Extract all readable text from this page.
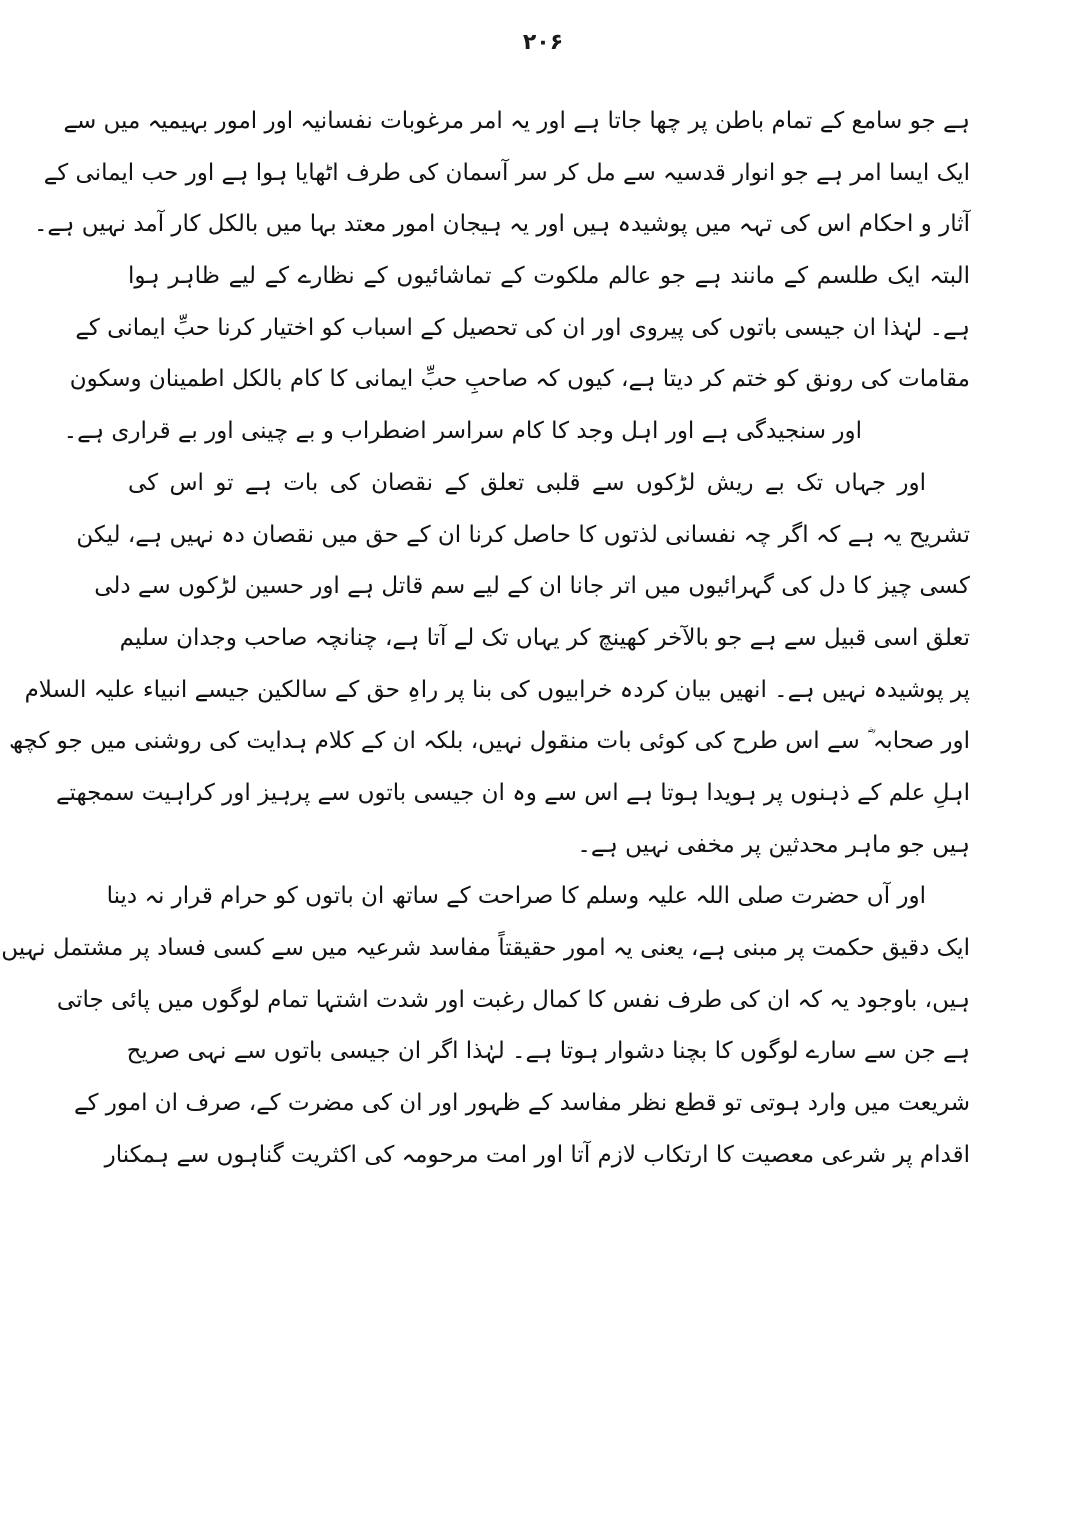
۲۰۶
ہے جو سامع کے تمام باطن پر چھا جاتا ہے اور یہ امر مرغوبات نفسانیہ اور امور بہیمیہ میں سے
ایک ایسا امر ہے جو انوار قدسیہ سے مل کر سر آسمان کی طرف اٹھایا ہوا ہے اور حب ایمانی کے
آثار و احکام اس کی تہہ میں پوشیدہ ہیں اور یہ ہیجان امور معتد بہا میں بالکل کار آمد نہیں ہے۔
البتہ ایک طلسم کے مانند ہے جو عالم ملکوت کے تماشائیوں کے نظارے کے لیے ظاہر ہوا
ہے۔ لہٰذا ان جیسی باتوں کی پیروی اور ان کی تحصیل کے اسباب کو اختیار کرنا حبِّ ایمانی کے
مقامات کی رونق کو ختم کر دیتا ہے، کیوں کہ صاحبِ حبِّ ایمانی کا کام بالکل اطمینان وسکون
اور سنجیدگی ہے اور اہل وجد کا کام سراسر اضطراب و بے چینی اور بے قراری ہے۔
اور جہاں تک بے ریش لڑکوں سے قلبی تعلق کے نقصان کی بات ہے تو اس کی
تشریح یہ ہے کہ اگر چہ نفسانی لذتوں کا حاصل کرنا ان کے حق میں نقصان دہ نہیں ہے، لیکن
کسی چیز کا دل کی گہرائیوں میں اتر جانا ان کے لیے سم قاتل ہے اور حسین لڑکوں سے دلی
تعلق اسی قبیل سے ہے جو بالآخر کھینچ کر یہاں تک لے آتا ہے، چنانچہ صاحب وجدان سلیم
پر پوشیدہ نہیں ہے۔ انھیں بیان کردہ خرابیوں کی بنا پر راہِ حق کے سالکین جیسے انبیاء علیہ السلام
اور صحابہ ؓ سے اس طرح کی کوئی بات منقول نہیں، بلکہ ان کے کلام ہدایت کی روشنی میں جو کچھ
اہلِ علم کے ذہنوں پر ہویدا ہوتا ہے اس سے وہ ان جیسی باتوں سے پرہیز اور کراہیت سمجھتے
ہیں جو ماہر محدثین پر مخفی نہیں ہے۔
اور آں حضرت صلی اللہ علیہ وسلم کا صراحت کے ساتھ ان باتوں کو حرام قرار نہ دینا
ایک دقیق حکمت پر مبنی ہے، یعنی یہ امور حقیقتاً مفاسد شرعیہ میں سے کسی فساد پر مشتمل نہیں
ہیں، باوجود یہ کہ ان کی طرف نفس کا کمال رغبت اور شدت اشتہا تمام لوگوں میں پائی جاتی
ہے جن سے سارے لوگوں کا بچنا دشوار ہوتا ہے۔ لہٰذا اگر ان جیسی باتوں سے نہی صریح
شریعت میں وارد ہوتی تو قطع نظر مفاسد کے ظہور اور ان کی مضرت کے، صرف ان امور کے
اقدام پر شرعی معصیت کا ارتکاب لازم آتا اور امت مرحومہ کی اکثریت گناہوں سے ہمکنار
